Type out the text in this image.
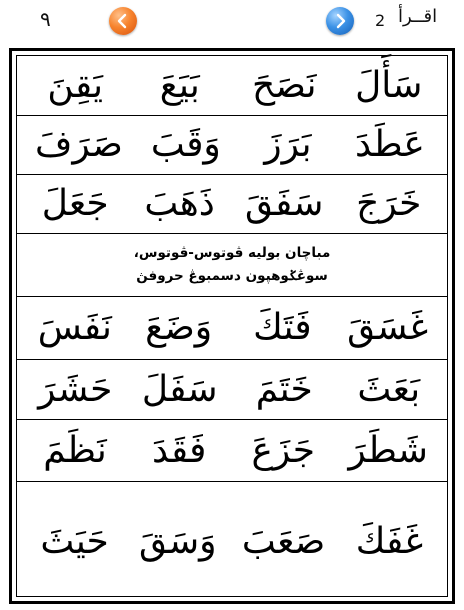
٩	2 اقــرأ
سَأَلَ
نَصَحَ
بَيَعَ
يَقِنَ
عَطَدَ
بَرَزَ
وَقَبَ
صَرَفَ
خَرَجَ
سَفَقَ
ذَهَبَ
جَعَلَ
مباچان بوليه ڤوتوس-ڤوتوس،
سوڠݢوهڽون دسمبوڠ حروفڽ
غَسَقَ
فَتَكَ
وَضَعَ
نَفَسَ
بَعَثَ
خَتَمَ
سَفَلَ
حَشَرَ
شَطَرَ
جَزَعَ
فَقَدَ
نَظَمَ
غَفَكَ
صَعَبَ
وَسَقَ
حَيَثَ
